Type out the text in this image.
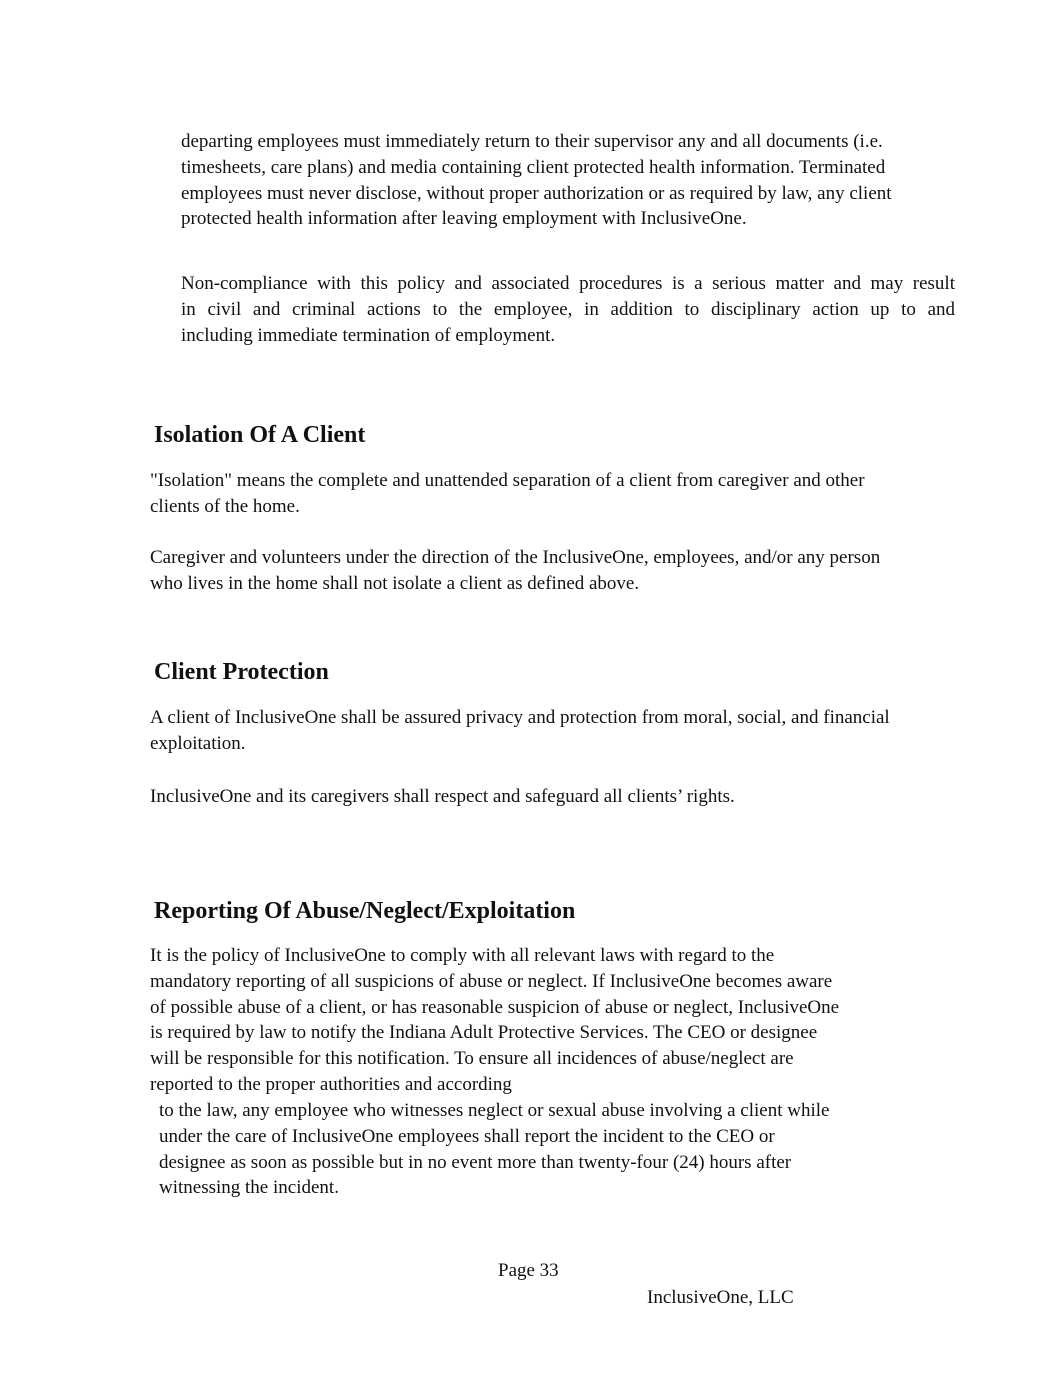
departing employees must immediately return to their supervisor any and all documents (i.e.
timesheets, care plans) and media containing client protected health information. Terminated
employees must never disclose, without proper authorization or as required by law, any client
protected health information after leaving employment with InclusiveOne.
Non-compliance with this policy and associated procedures is a serious matter and may result
in civil and criminal actions to the employee, in addition to disciplinary action up to and
including immediate termination of employment.
Isolation Of A Client
"Isolation" means the complete and unattended separation of a client from caregiver and other
clients of the home.
Caregiver and volunteers under the direction of the InclusiveOne, employees, and/or any person
who lives in the home shall not isolate a client as defined above.
Client Protection
A client of InclusiveOne shall be assured privacy and protection from moral, social, and financial
exploitation.
InclusiveOne and its caregivers shall respect and safeguard all clients’ rights.
Reporting Of Abuse/Neglect/Exploitation
It is the policy of InclusiveOne to comply with all relevant laws with regard to the
mandatory reporting of all suspicions of abuse or neglect. If InclusiveOne becomes aware
of possible abuse of a client, or has reasonable suspicion of abuse or neglect, InclusiveOne
is required by law to notify the Indiana Adult Protective Services. The CEO or designee
will be responsible for this notification. To ensure all incidences of abuse/neglect are
reported to the proper authorities and according
to the law, any employee who witnesses neglect or sexual abuse involving a client while
under the care of InclusiveOne employees shall report the incident to the CEO or
designee as soon as possible but in no event more than twenty-four (24) hours after
witnessing the incident.
Page 33
InclusiveOne, LLC
